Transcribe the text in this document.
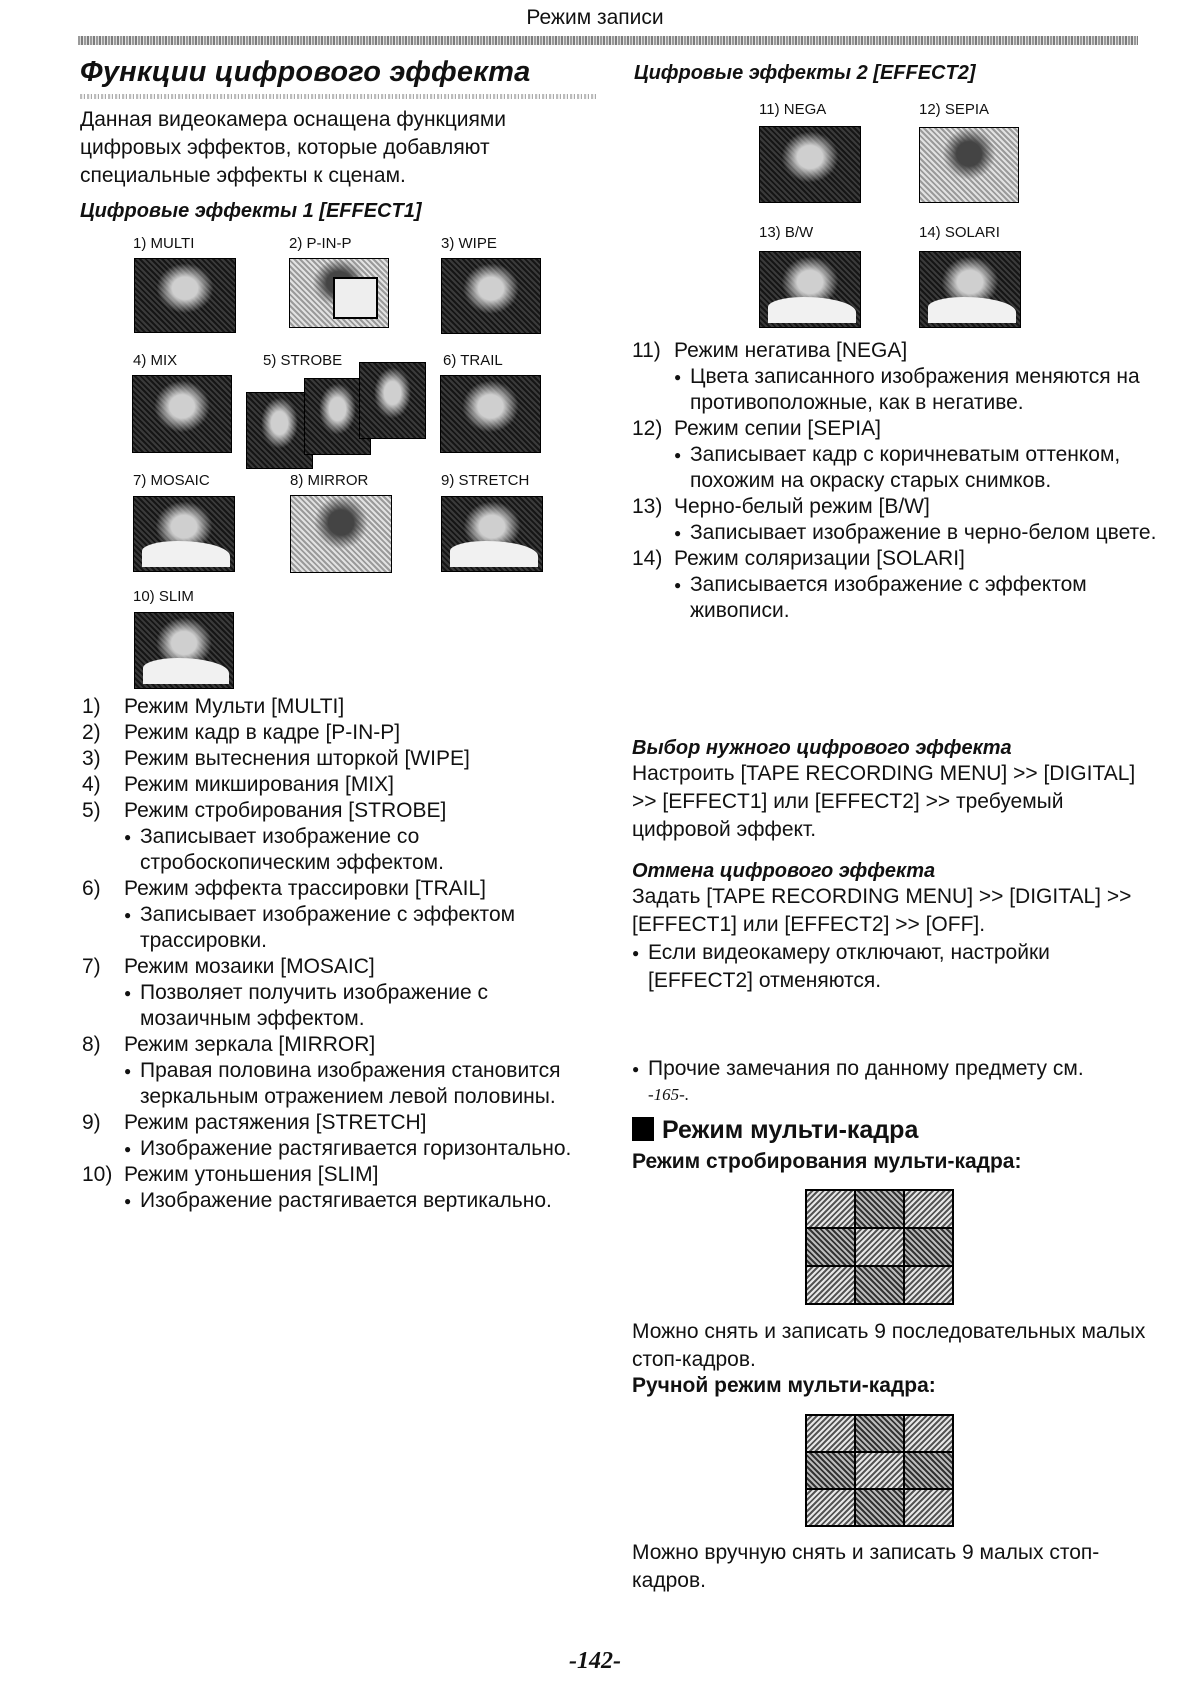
Режим записи
Функции цифрового эффекта
Данная видеокамера оснащена функциями цифровых эффектов, которые добавляют специальные эффекты к сценам.
Цифровые эффекты 1 [EFFECT1]
1) MULTI	2) P-IN-P	3) WIPE
4) MIX	5) STROBE	6) TRAIL
7) MOSAIC	8) MIRROR	9) STRETCH
10) SLIM
1) Режим Мульти [MULTI]
2) Режим кадр в кадре [P-IN-P]
3) Режим вытеснения шторкой [WIPE]
4) Режим микширования [MIX]
5) Режим стробирования [STROBE]
● Записывает изображение со стробоскопическим эффектом.
6) Режим эффекта трассировки [TRAIL]
● Записывает изображение с эффектом трассировки.
7) Режим мозаики [MOSAIC]
● Позволяет получить изображение с мозаичным эффектом.
8) Режим зеркала [MIRROR]
● Правая половина изображения становится зеркальным отражением левой половины.
9) Режим растяжения [STRETCH]
● Изображение растягивается горизонтально.
10) Режим утоньшения [SLIM]
● Изображение растягивается вертикально.
Цифровые эффекты 2 [EFFECT2]
11) NEGA	12) SEPIA
13) B/W	14) SOLARI
11) Режим негатива [NEGA]
● Цвета записанного изображения меняются на противоположные, как в негативе.
12) Режим сепии [SEPIA]
● Записывает кадр с коричневатым оттенком, похожим на окраску старых снимков.
13) Черно-белый режим [B/W]
● Записывает изображение в черно-белом цвете.
14) Режим соляризации [SOLARI]
● Записывается изображение с эффектом живописи.
Выбор нужного цифрового эффекта
Настроить [TAPE RECORDING MENU] >> [DIGITAL] >> [EFFECT1] или [EFFECT2] >> требуемый цифровой эффект.
Отмена цифрового эффекта
Задать [TAPE RECORDING MENU] >> [DIGITAL] >> [EFFECT1] или [EFFECT2] >> [OFF].
● Если видеокамеру отключают, настройки [EFFECT2] отменяются.
● Прочие замечания по данному предмету см.
-165-.
Режим мульти-кадра
Режим стробирования мульти-кадра:
Можно снять и записать 9 последовательных малых стоп-кадров.
Ручной режим мульти-кадра:
Можно вручную снять и записать 9 малых стоп-кадров.
-142-
